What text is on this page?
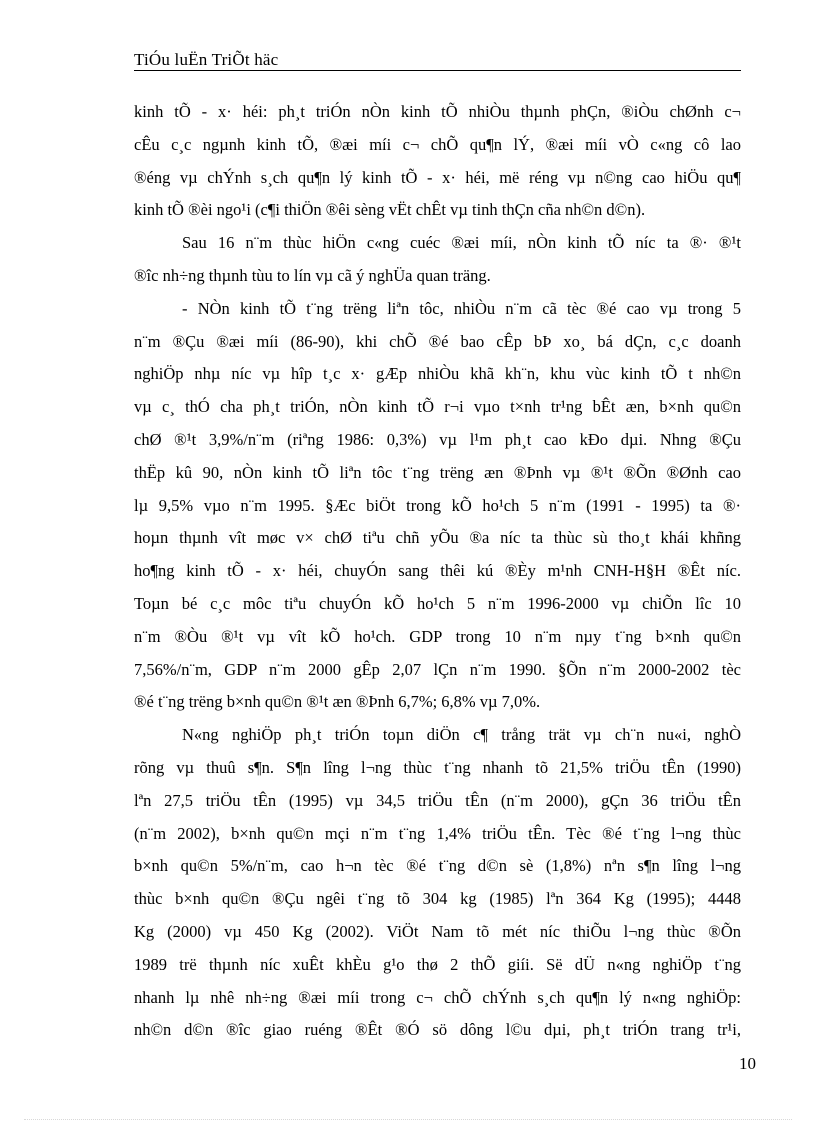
TiÓu luËn TriÕt häc
kinh tÕ - x· héi: ph¸t triÓn nÒn kinh tÕ nhiÒu thµnh phÇn, ®iÒu chØnh c¬
cÊu c¸c ngµnh kinh tÕ, ®æi míi c¬ chÕ qu¶n lÝ, ®æi míi vÒ c«ng cô lao
®éng vµ chÝnh s¸ch qu¶n lý kinh tÕ - x· héi, më réng vµ n©ng cao hiÖu qu¶
kinh tÕ ®èi ngo¹i (c¶i thiÖn ®êi sèng vËt chÊt vµ tinh thÇn cña nh©n d©n).
Sau 16 n¨m thùc hiÖn c«ng cuéc ®æi míi, nÒn kinh tÕ níc ta ®· ®¹t
®îc nh÷ng thµnh tùu to lín vµ cã ý nghÜa quan träng.
- NÒn kinh tÕ t¨ng trëng liªn tôc, nhiÒu n¨m cã tèc ®é cao vµ trong 5
n¨m ®Çu ®æi míi (86-90), khi chÕ ®é bao cÊp bÞ xo¸ bá dÇn, c¸c doanh
nghiÖp nhµ níc vµ hîp t¸c x· gÆp nhiÒu khã kh¨n, khu vùc kinh tÕ t nh©n
vµ c¸ thÓ cha ph¸t triÓn, nÒn kinh tÕ r¬i vµo t×nh tr¹ng bÊt æn, b×nh qu©n
chØ ®¹t 3,9%/n¨m (riªng 1986: 0,3%) vµ l¹m ph¸t cao kÐo dµi. Nhng ®Çu
thËp kû 90, nÒn kinh tÕ liªn tôc t¨ng trëng æn ®Þnh vµ ®¹t ®Õn ®Ønh cao
lµ 9,5% vµo n¨m 1995. §Æc biÖt trong kÕ ho¹ch 5 n¨m (1991 - 1995) ta ®·
hoµn thµnh vît møc v× chØ tiªu chñ yÕu ®a níc ta thùc sù tho¸t khái khñng
ho¶ng kinh tÕ - x· héi, chuyÓn sang thêi kú ®Èy m¹nh CNH-H§H ®Êt níc.
Toµn bé c¸c môc tiªu chuyÓn kÕ ho¹ch 5 n¨m 1996-2000 vµ chiÕn lîc 10
n¨m ®Òu ®¹t vµ vît kÕ ho¹ch. GDP trong 10 n¨m nµy t¨ng b×nh qu©n
7,56%/n¨m, GDP n¨m 2000 gÊp 2,07 lÇn n¨m 1990. §Õn n¨m 2000-2002 tèc
®é t¨ng trëng b×nh qu©n ®¹t æn ®Þnh 6,7%; 6,8% vµ 7,0%.
N«ng nghiÖp ph¸t triÓn toµn diÖn c¶ trång trät vµ ch¨n nu«i, nghÒ
rõng vµ thuû s¶n. S¶n lîng l¬ng thùc t¨ng nhanh tõ 21,5% triÖu tÊn (1990)
lªn 27,5 triÖu tÊn (1995) vµ 34,5 triÖu tÊn (n¨m 2000), gÇn 36 triÖu tÊn
(n¨m 2002), b×nh qu©n mçi n¨m t¨ng 1,4% triÖu tÊn. Tèc ®é t¨ng l¬ng thùc
b×nh qu©n 5%/n¨m, cao h¬n tèc ®é t¨ng d©n sè (1,8%) nªn s¶n lîng l¬ng
thùc b×nh qu©n ®Çu ngêi t¨ng tõ 304 kg (1985) lªn 364 Kg (1995); 4448
Kg (2000) vµ 450 Kg (2002). ViÖt Nam tõ mét níc thiÕu l¬ng thùc ®Õn
1989 trë thµnh níc xuÊt khÈu g¹o thø 2 thÕ giíi. Së dÜ n«ng nghiÖp t¨ng
nhanh lµ nhê nh÷ng ®æi míi trong c¬ chÕ chÝnh s¸ch qu¶n lý n«ng nghiÖp:
nh©n d©n ®îc giao ruéng ®Êt ®Ó sö dông l©u dµi, ph¸t triÓn trang tr¹i,
10
